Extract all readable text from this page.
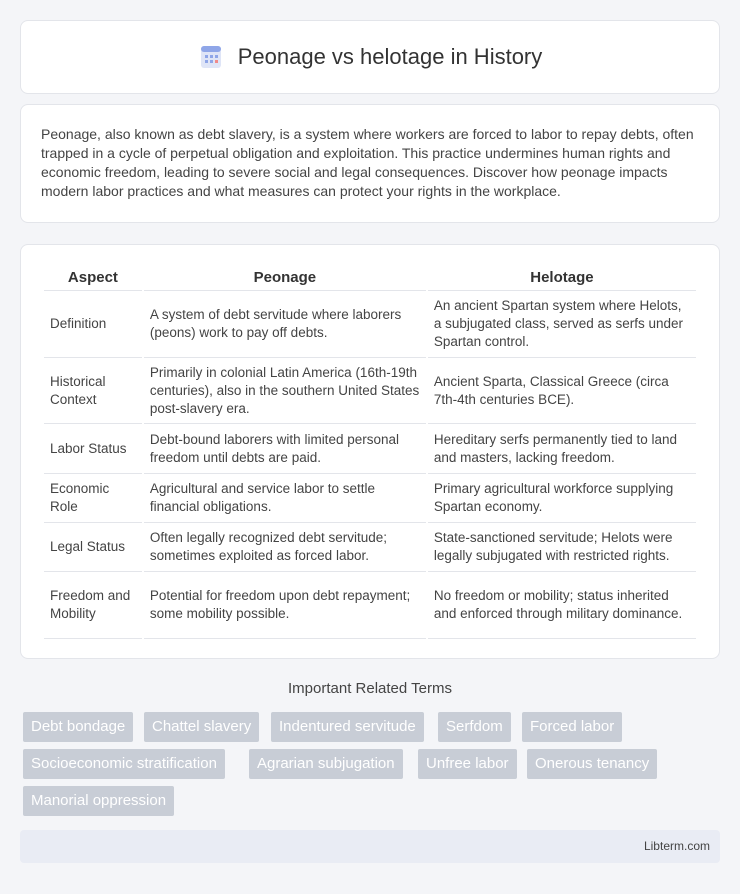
Peonage vs helotage in History

Peonage, also known as debt slavery, is a system where workers are forced to labor to repay debts, often trapped in a cycle of perpetual obligation and exploitation. This practice undermines human rights and economic freedom, leading to severe social and legal consequences. Discover how peonage impacts modern labor practices and what measures can protect your rights in the workplace.

Aspect	Peonage	Helotage
Definition	A system of debt servitude where laborers (peons) work to pay off debts.	An ancient Spartan system where Helots, a subjugated class, served as serfs under Spartan control.
Historical Context	Primarily in colonial Latin America (16th-19th centuries), also in the southern United States post-slavery era.	Ancient Sparta, Classical Greece (circa 7th-4th centuries BCE).
Labor Status	Debt-bound laborers with limited personal freedom until debts are paid.	Hereditary serfs permanently tied to land and masters, lacking freedom.
Economic Role	Agricultural and service labor to settle financial obligations.	Primary agricultural workforce supplying Spartan economy.
Legal Status	Often legally recognized debt servitude; sometimes exploited as forced labor.	State-sanctioned servitude; Helots were legally subjugated with restricted rights.
Freedom and Mobility	Potential for freedom upon debt repayment; some mobility possible.	No freedom or mobility; status inherited and enforced through military dominance.
Important Related Terms
Debt bondage	Chattel slavery	Indentured servitude	Serfdom	Forced labor
Socioeconomic stratification	Agrarian subjugation	Unfree labor	Onerous tenancy
Manorial oppression
Libterm.com
